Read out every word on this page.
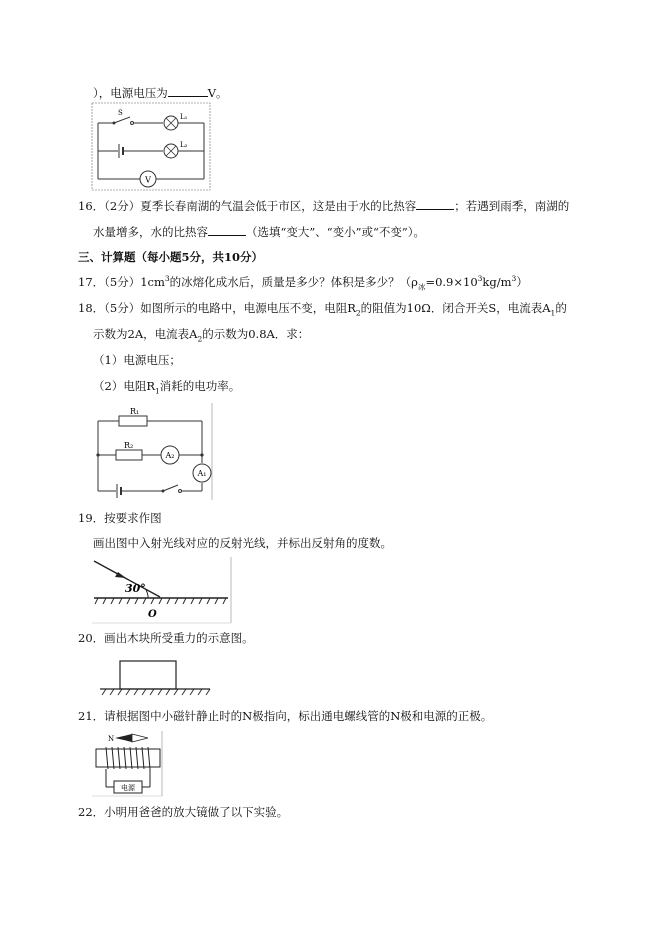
），电源电压为	V。
V
S	L₁
L₂
16．（2分）夏季长春南湖的气温会低于市区，这是由于水的比热容	；若遇到雨季，南湖的
水量增多，水的比热容	（选填“变大”、“变小”或“不变”）。
三、计算题（每小题5分，共10分）
17．（5分）$1cm^3$的冰熔化成水后，质量是多少？体积是多少？$(\rho_冰=0.9\times 10^3kg/m^3)$
18．（5分）如图所示的电路中，电源电压不变，电阻$R_2$的阻值为10Ω．闭合开关S，电流表$A_1$的
示数为2A，电流表$A_2$的示数为0.8A．求：
（1）电源电压；
（2）电阻$R_1$消耗的电功率。
R₁
R₂
A₂
A₁
19．按要求作图
画出图中入射光线对应的反射光线，并标出反射角的度数。
30°
O
20．画出木块所受重力的示意图。
21．请根据图中小磁针静止时的N极指向，标出通电螺线管的N极和电源的正极。
N
电源
22．小明用爸爸的放大镜做了以下实验。
